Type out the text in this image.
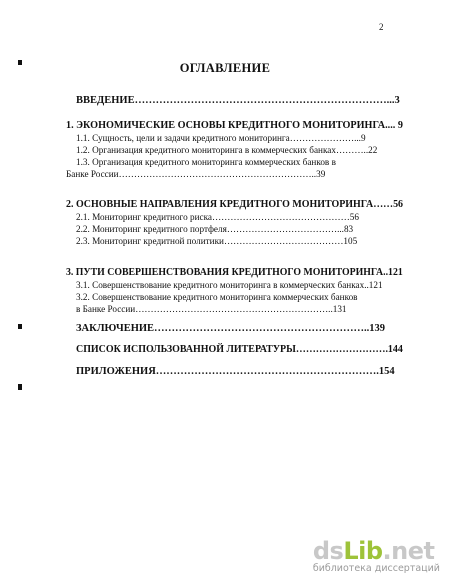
2
ОГЛАВЛЕНИЕ
ВВЕДЕНИЕ………………………………………………………………...3
1. ЭКОНОМИЧЕСКИЕ ОСНОВЫ КРЕДИТНОГО МОНИТОРИНГА.... 9
1.1. Сущность, цели и задачи кредитного мониторинга…………………...9
1.2. Организация кредитного мониторинга в коммерческих банках………..22
1.3. Организация кредитного мониторинга коммерческих банков в
Банке России………………………………………………………..39
2. ОСНОВНЫЕ НАПРАВЛЕНИЯ КРЕДИТНОГО МОНИТОРИНГА……56
2.1. Мониторинг кредитного риска………………………………………56
2.2. Мониторинг кредитного портфеля………………………………...83
2.3. Мониторинг кредитной политики…………………………………105
3. ПУТИ СОВЕРШЕНСТВОВАНИЯ КРЕДИТНОГО МОНИТОРИНГА..121
3.1. Совершенствование кредитного мониторинга в коммерческих банках..121
3.2. Совершенствование кредитного мониторинга коммерческих банков
в Банке России………………………………………………………..131
ЗАКЛЮЧЕНИЕ……………………………………………………..139
СПИСОК ИСПОЛЬЗОВАННОЙ ЛИТЕРАТУРЫ……………………….144
ПРИЛОЖЕНИЯ……………………………………………………….154
dsLib.net
библиотека диссертаций
